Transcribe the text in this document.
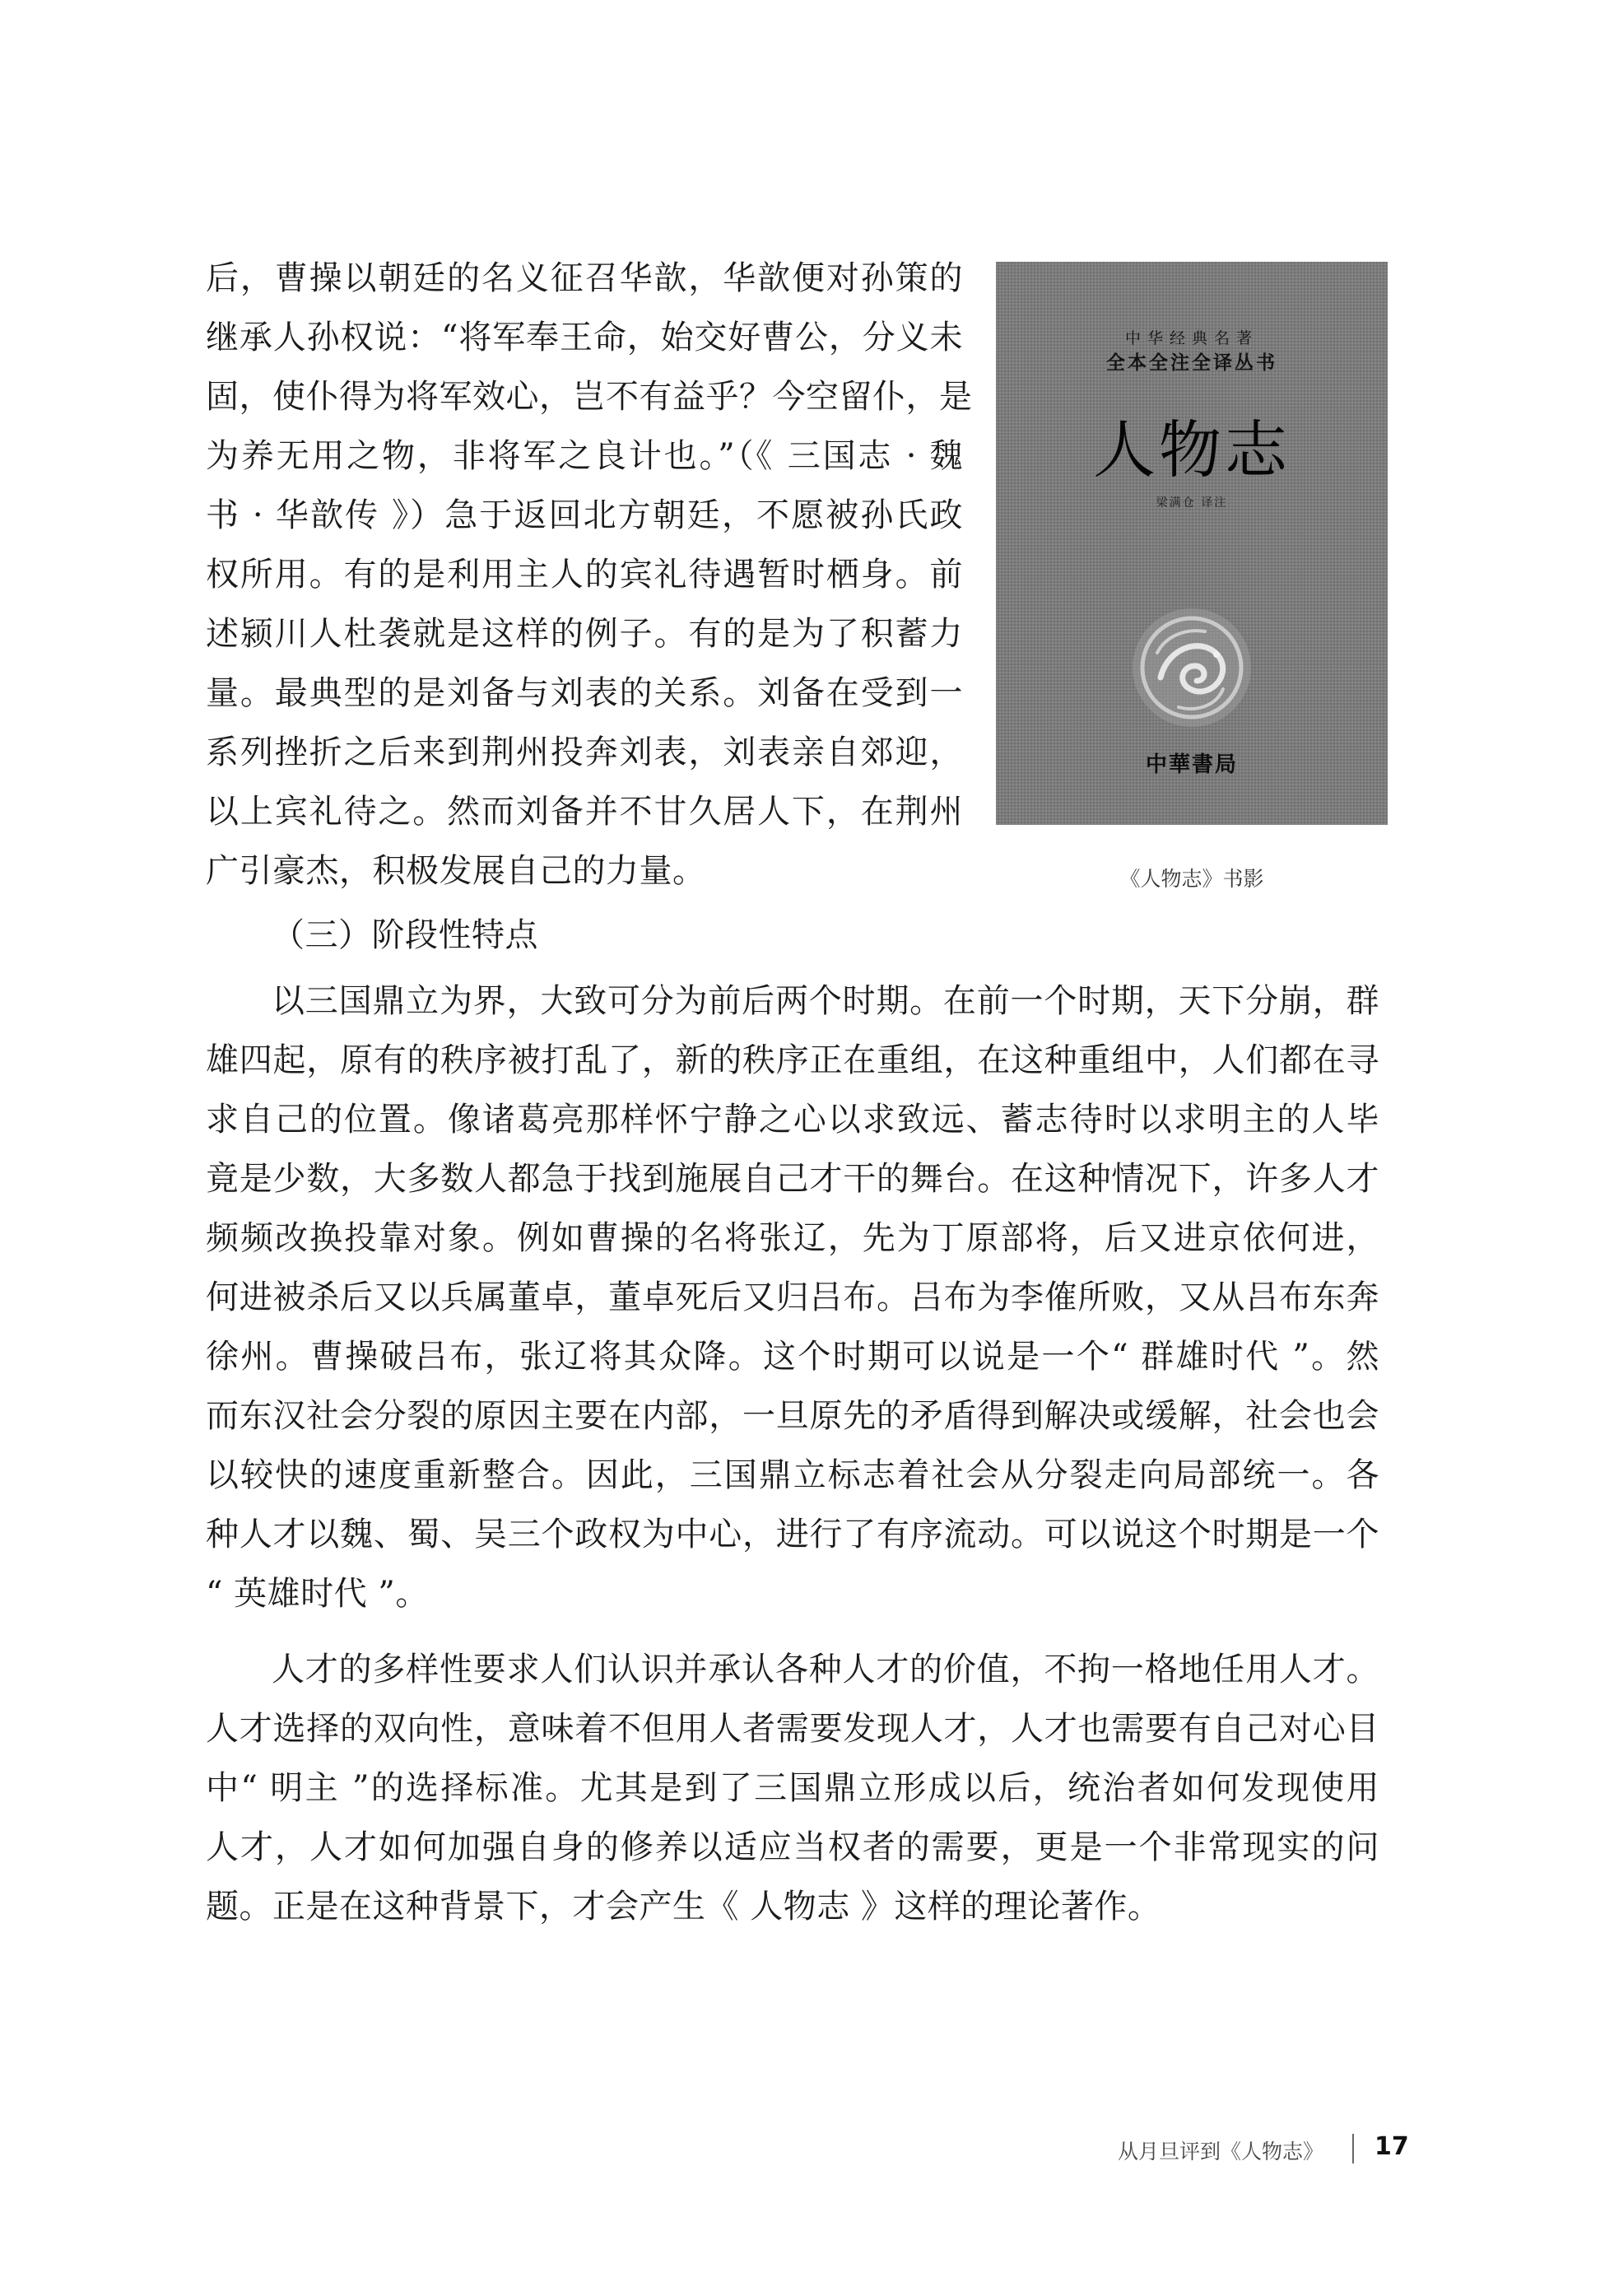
后，曹操以朝廷的名义征召华歆，华歆便对孙策的
继承人孙权说：“将军奉王命，始交好曹公，分义未
固，使仆得为将军效心，岂不有益乎？今空留仆，是
为养无用之物，非将军之良计也。”（《 三国志 · 魏
书 · 华歆传 》）急于返回北方朝廷，不愿被孙氏政
权所用。有的是利用主人的宾礼待遇暂时栖身。前
述颍川人杜袭就是这样的例子。有的是为了积蓄力
量。最典型的是刘备与刘表的关系。刘备在受到一
系列挫折之后来到荆州投奔刘表，刘表亲自郊迎，
以上宾礼待之。然而刘备并不甘久居人下，在荆州
广引豪杰，积极发展自己的力量。
中华经典名著
全本全注全译丛书
人物志
梁满仓 译注
中華書局
《人物志》书影
（三）阶段性特点
以三国鼎立为界，大致可分为前后两个时期。在前一个时期，天下分崩，群
雄四起，原有的秩序被打乱了，新的秩序正在重组，在这种重组中，人们都在寻
求自己的位置。像诸葛亮那样怀宁静之心以求致远、蓄志待时以求明主的人毕
竟是少数，大多数人都急于找到施展自己才干的舞台。在这种情况下，许多人才
频频改换投靠对象。例如曹操的名将张辽，先为丁原部将，后又进京依何进，
何进被杀后又以兵属董卓，董卓死后又归吕布。吕布为李傕所败，又从吕布东奔
徐州。曹操破吕布，张辽将其众降。这个时期可以说是一个“ 群雄时代 ”。然
而东汉社会分裂的原因主要在内部，一旦原先的矛盾得到解决或缓解，社会也会
以较快的速度重新整合。因此，三国鼎立标志着社会从分裂走向局部统一。各
种人才以魏、蜀、吴三个政权为中心，进行了有序流动。可以说这个时期是一个
“ 英雄时代 ”。
人才的多样性要求人们认识并承认各种人才的价值，不拘一格地任用人才。
人才选择的双向性，意味着不但用人者需要发现人才，人才也需要有自己对心目
中“ 明主 ”的选择标准。尤其是到了三国鼎立形成以后，统治者如何发现使用
人才，人才如何加强自身的修养以适应当权者的需要，更是一个非常现实的问
题。正是在这种背景下，才会产生《 人物志 》这样的理论著作。
从月旦评到《人物志》 17
